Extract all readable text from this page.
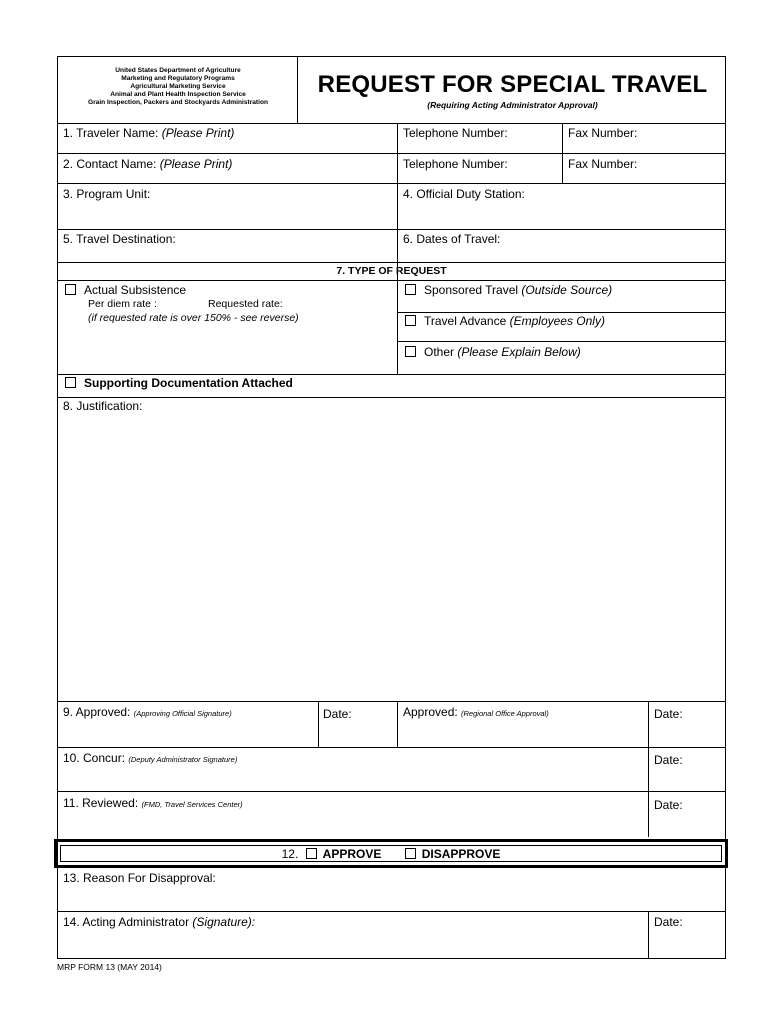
United States Department of Agriculture
Marketing and Regulatory Programs
Agricultural Marketing Service
Animal and Plant Health Inspection Service
Grain Inspection, Packers and Stockyards Administration
REQUEST FOR SPECIAL TRAVEL
(Requiring Acting Administrator Approval)
1. Traveler Name: (Please Print)	Telephone Number:	Fax Number:
2. Contact Name: (Please Print)	Telephone Number:	Fax Number:
3. Program Unit:	4. Official Duty Station:
5. Travel Destination:	6. Dates of Travel:
7. TYPE OF REQUEST
Actual Subsistence
Per diem rate :	Requested rate:
(if requested rate is over 150% - see reverse)
Sponsored Travel (Outside Source)
Travel Advance (Employees Only)
Other (Please Explain Below)
Supporting Documentation Attached
8. Justification:
9. Approved: (Approving Official Signature)	Date:	Approved: (Regional Office Approval)	Date:
10. Concur: (Deputy Administrator Signature)	Date:
11. Reviewed: (FMD, Travel Services Center)	Date:
13. Reason For Disapproval:
14. Acting Administrator (Signature):	Date:
12. APPROVE	DISAPPROVE
MRP FORM 13 (MAY 2014)
